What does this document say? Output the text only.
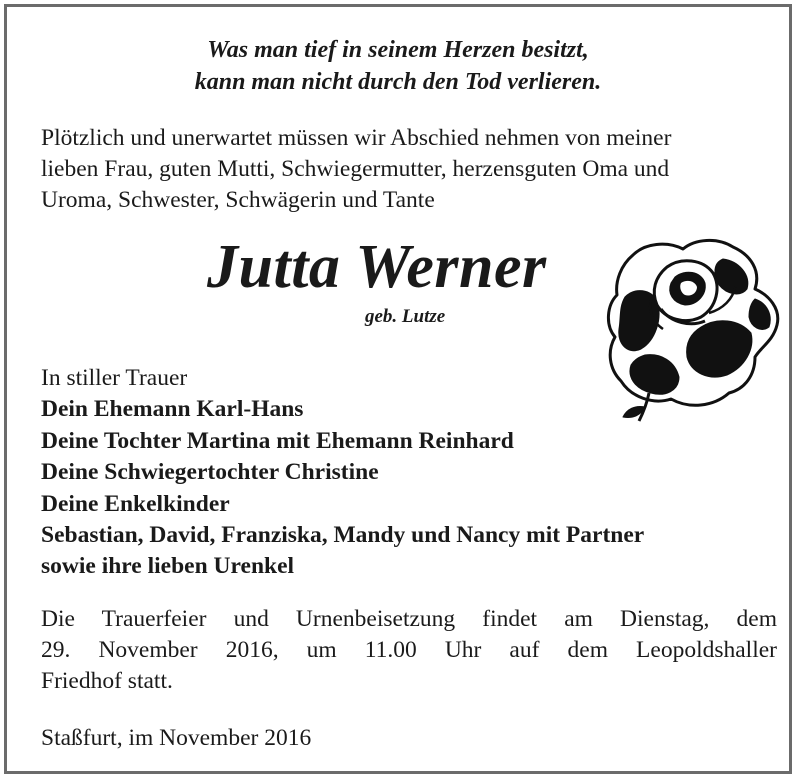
Was man tief in seinem Herzen besitzt,
kann man nicht durch den Tod verlieren.
Plötzlich und unerwartet müssen wir Abschied nehmen von meiner
lieben Frau, guten Mutti, Schwiegermutter, herzensguten Oma und
Uroma, Schwester, Schwägerin und Tante
Jutta Werner
geb. Lutze
In stiller Trauer
Dein Ehemann Karl-Hans
Deine Tochter Martina mit Ehemann Reinhard
Deine Schwiegertochter Christine
Deine Enkelkinder
Sebastian, David, Franziska, Mandy und Nancy mit Partner
sowie ihre lieben Urenkel
Die Trauerfeier und Urnenbeisetzung findet am Dienstag, dem
29. November 2016, um 11.00 Uhr auf dem Leopoldshaller
Friedhof statt.
Staßfurt, im November 2016
